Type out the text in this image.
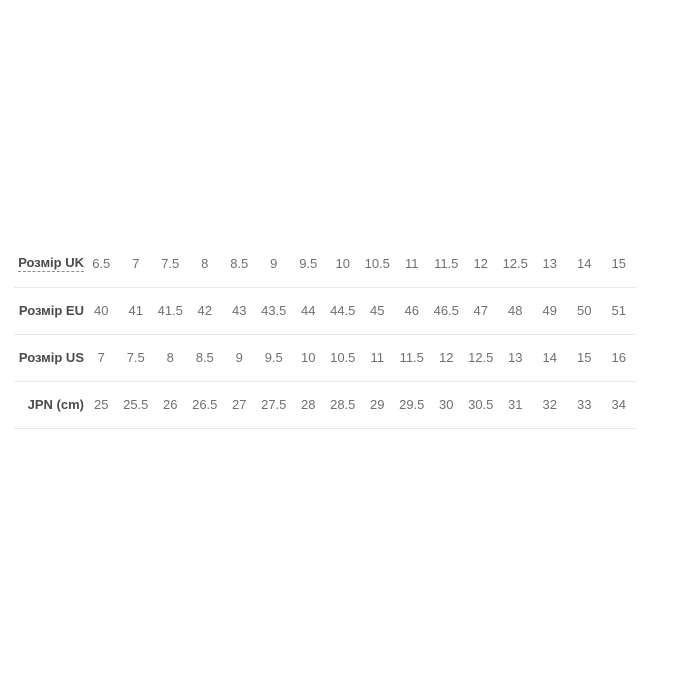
Розмір UK	6.5	7	7.5	8	8.5	9	9.5	10	10.5	11	11.5	12	12.5	13	14	15
Розмір EU	40	41	41.5	42	43	43.5	44	44.5	45	46	46.5	47	48	49	50	51
Розмір US	7	7.5	8	8.5	9	9.5	10	10.5	11	11.5	12	12.5	13	14	15	16
JPN (cm)	25	25.5	26	26.5	27	27.5	28	28.5	29	29.5	30	30.5	31	32	33	34
